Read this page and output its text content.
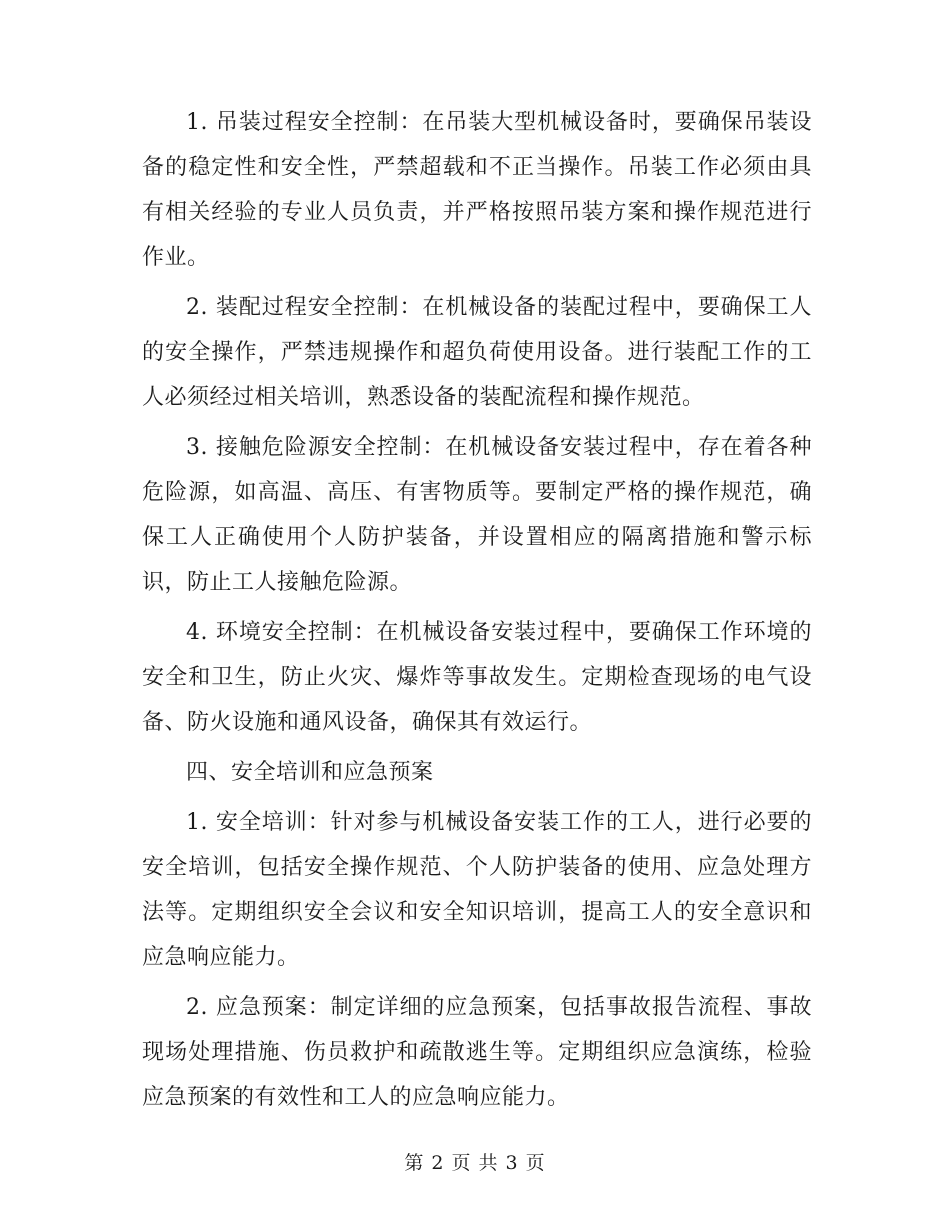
1. 吊装过程安全控制：在吊装大型机械设备时，要确保吊装设备的稳定性和安全性，严禁超载和不正当操作。吊装工作必须由具有相关经验的专业人员负责，并严格按照吊装方案和操作规范进行作业。

2. 装配过程安全控制：在机械设备的装配过程中，要确保工人的安全操作，严禁违规操作和超负荷使用设备。进行装配工作的工人必须经过相关培训，熟悉设备的装配流程和操作规范。

3. 接触危险源安全控制：在机械设备安装过程中，存在着各种危险源，如高温、高压、有害物质等。要制定严格的操作规范，确保工人正确使用个人防护装备，并设置相应的隔离措施和警示标识，防止工人接触危险源。

4. 环境安全控制：在机械设备安装过程中，要确保工作环境的安全和卫生，防止火灾、爆炸等事故发生。定期检查现场的电气设备、防火设施和通风设备，确保其有效运行。

四、安全培训和应急预案

1. 安全培训：针对参与机械设备安装工作的工人，进行必要的安全培训，包括安全操作规范、个人防护装备的使用、应急处理方法等。定期组织安全会议和安全知识培训，提高工人的安全意识和应急响应能力。

2. 应急预案：制定详细的应急预案，包括事故报告流程、事故现场处理措施、伤员救护和疏散逃生等。定期组织应急演练，检验应急预案的有效性和工人的应急响应能力。

第 2 页 共 3 页
